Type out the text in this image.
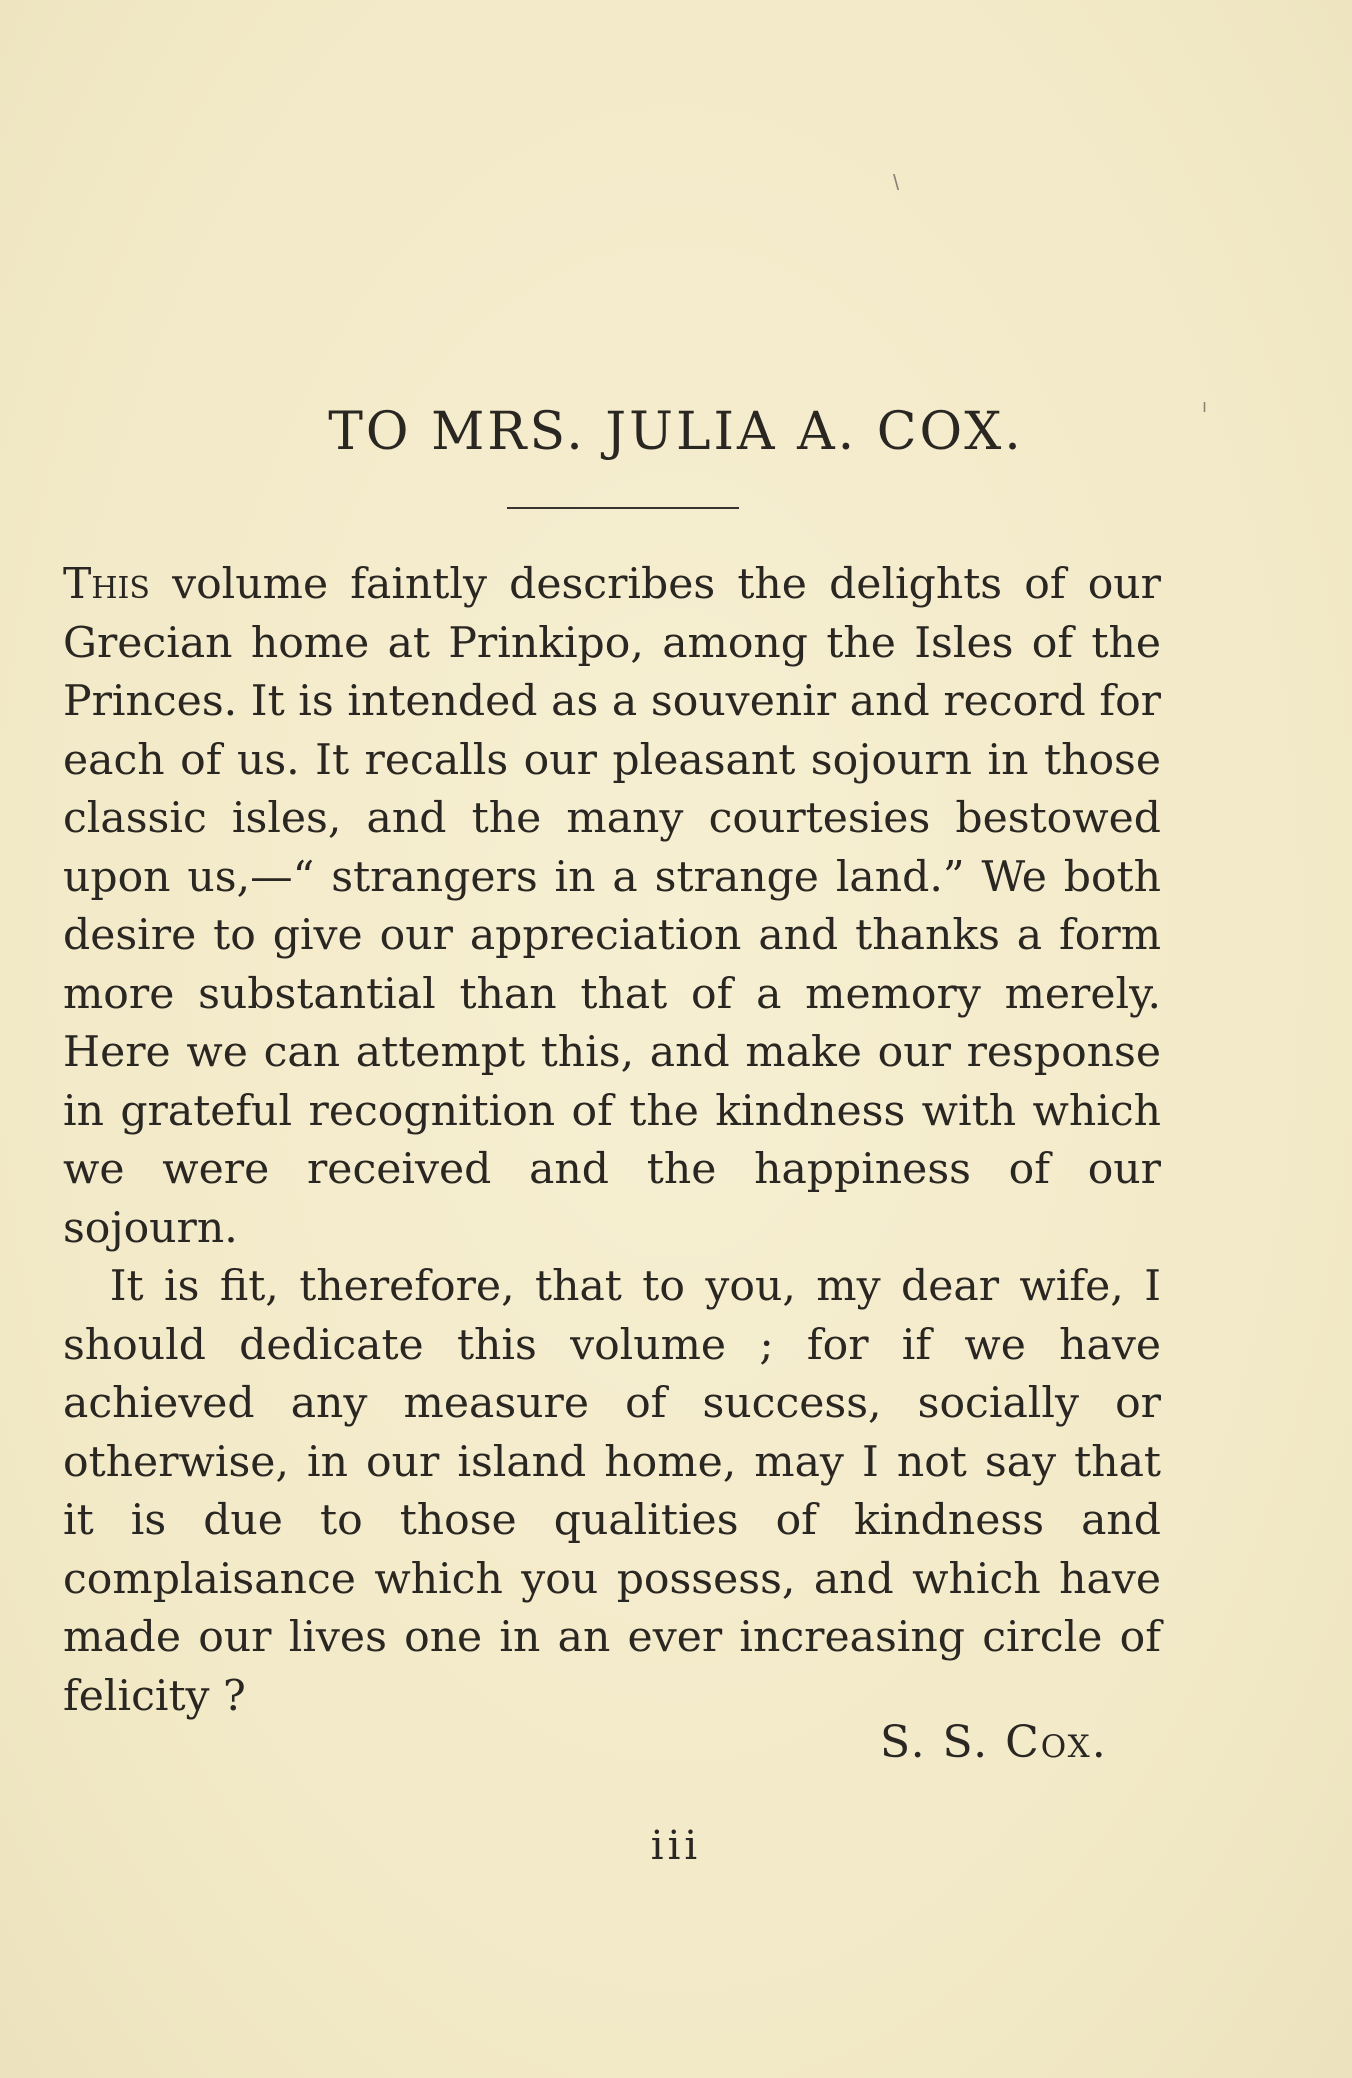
\
ı
TO MRS. JULIA A. COX.

This volume faintly describes the delights of our Grecian home at Prinkipo, among the Isles of the Princes. It is intended as a souvenir and record for each of us. It recalls our pleasant sojourn in those classic isles, and the many courtesies bestowed upon us,—“ strangers in a strange land.” We both desire to give our appreciation and thanks a form more substantial than that of a memory merely. Here we can attempt this, and make our response in grateful recognition of the kindness with which we were received and the happiness of our sojourn.

It is fit, therefore, that to you, my dear wife, I should dedicate this volume ; for if we have achieved any measure of success, socially or otherwise, in our island home, may I not say that it is due to those qualities of kindness and complaisance which you possess, and which have made our lives one in an ever increasing circle of felicity ?

S. S. Cox.

iii
